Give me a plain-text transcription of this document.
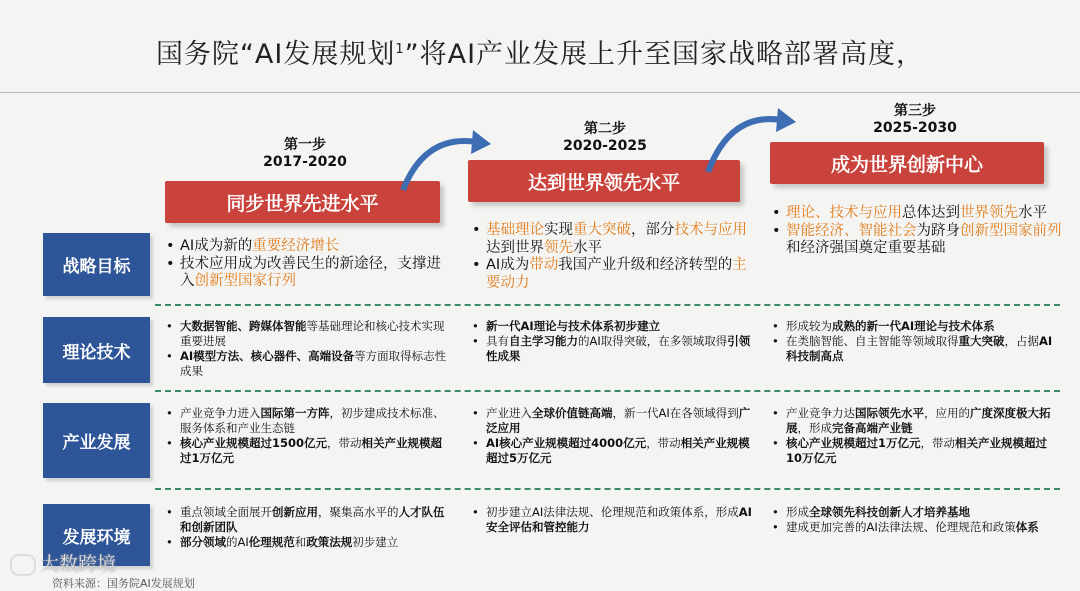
国务院“AI发展规划$^1$”将AI产业发展上升至国家战略部署高度，
第一步
2017-2020
同步世界先进水平
第二步
2020-2025
达到世界领先水平
第三步
2025-2030
成为世界创新中心
战略目标
理论技术
产业发展
发展环境
• AI成为新的重要经济增长
• 技术应用成为改善民生的新途径，支撑进入创新型国家行列
• 基础理论实现重大突破，部分技术与应用达到世界领先水平
• AI成为带动我国产业升级和经济转型的主要动力
• 理论、技术与应用总体达到世界领先水平
• 智能经济、智能社会为跻身创新型国家前列和经济强国奠定重要基础
• 大数据智能、跨媒体智能等基础理论和核心技术实现重要进展
• AI模型方法、核心器件、高端设备等方面取得标志性成果
• 新一代AI理论与技术体系初步建立
• 具有自主学习能力的AI取得突破，在多领域取得引领性成果
• 形成较为成熟的新一代AI理论与技术体系
• 在类脑智能、自主智能等领域取得重大突破，占据AI科技制高点
• 产业竞争力进入国际第一方阵，初步建成技术标准、服务体系和产业生态链
• 核心产业规模超过1500亿元，带动相关产业规模超过1万亿元
• 产业进入全球价值链高端，新一代AI在各领域得到广泛应用
• AI核心产业规模超过4000亿元，带动相关产业规模超过5万亿元
• 产业竞争力达国际领先水平，应用的广度深度极大拓展，形成完备高端产业链
• 核心产业规模超过1万亿元，带动相关产业规模超过10万亿元
• 重点领域全面展开创新应用，聚集高水平的人才队伍和创新团队
• 部分领域的AI伦理规范和政策法规初步建立
• 初步建立AI法律法规、伦理规范和政策体系，形成AI安全评估和管控能力
• 形成全球领先科技创新人才培养基地
• 建成更加完善的AI法律法规、伦理规范和政策体系
大数跨境
资料来源：国务院AI发展规划
